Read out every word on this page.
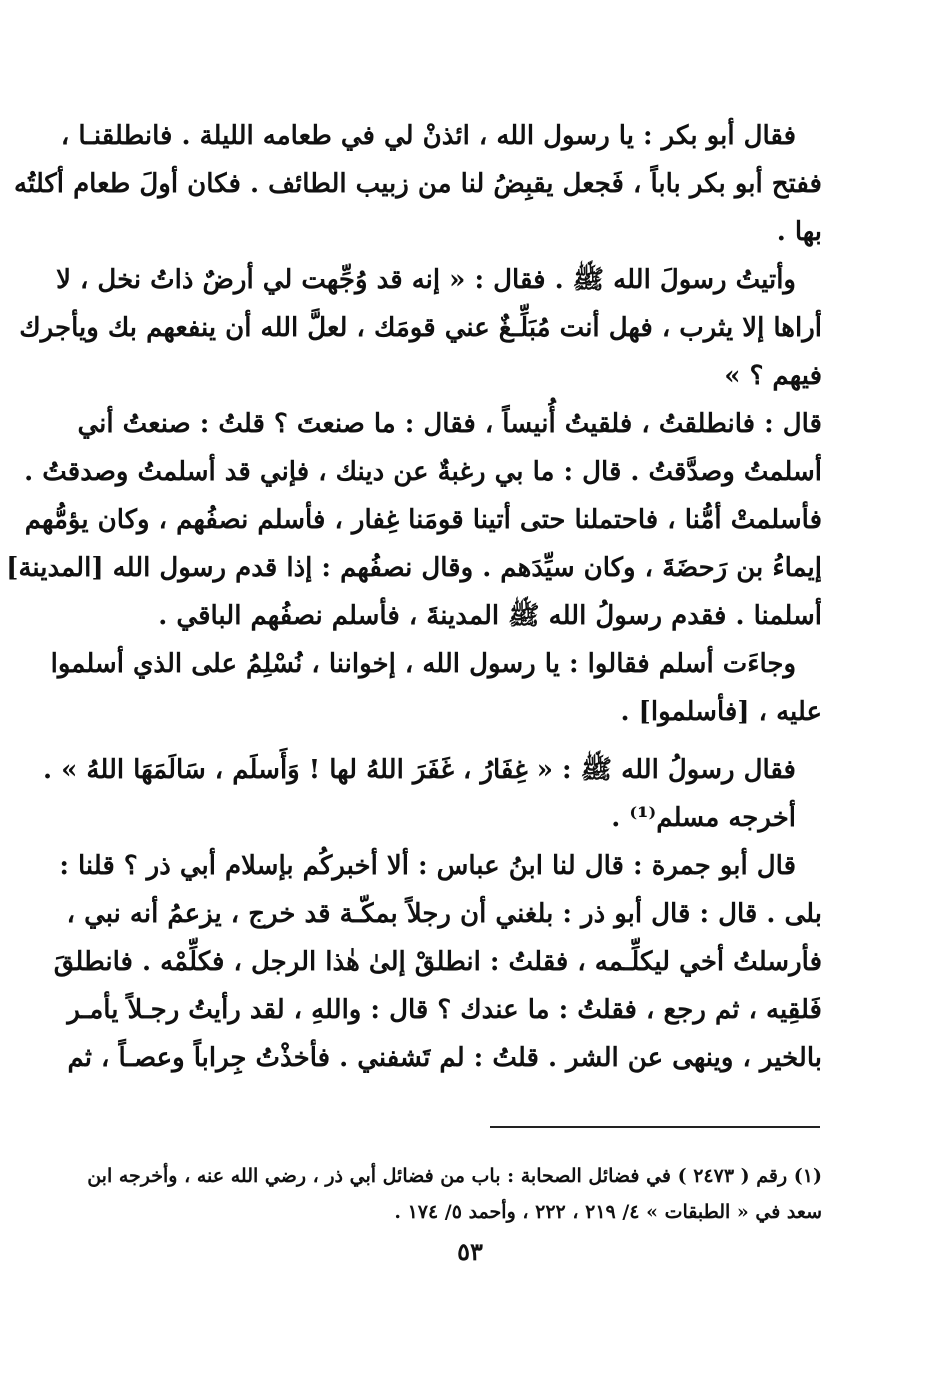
فقال أبو بكر : يا رسول الله ، ائذنْ لي في طعامه الليلة . فانطلقنـا ،
ففتح أبو بكر باباً ، فَجعل يقبِضُ لنا من زبيب الطائف . فكان أولَ طعام أكلتُه
بها .
وأتيتُ رسولَ الله ﷺ . فقال : « إنه قد وُجِّهت لي أرضٌ ذاتُ نخل ، لا
أراها إلا يثرب ، فهل أنت مُبَلِّـغٌ عني قومَك ، لعلَّ الله أن ينفعهم بك ويأجرك
فيهم ؟ »
قال : فانطلقتُ ، فلقيتُ أُنيساً ، فقال : ما صنعتَ ؟ قلتُ : صنعتُ أني
أسلمتُ وصدَّقتُ . قال : ما بي رغبةٌ عن دينك ، فإني قد أسلمتُ وصدقتُ .
فأسلمتْ أمُّنا ، فاحتملنا حتى أتينا قومَنا غِفار ، فأسلم نصفُهم ، وكان يؤمُّهم
إيماءُ بن رَحضَةَ ، وكان سيِّدَهم . وقال نصفُهم : إذا قدم رسول الله [المدينة]
أسلمنا . فقدم رسولُ الله ﷺ المدينةَ ، فأسلم نصفُهم الباقي .
وجاءَت أسلم فقالوا : يا رسول الله ، إخواننا ، نُسْلِمُ على الذي أسلموا
عليه ، [فأسلموا] .
فقال رسولُ الله ﷺ : « غِفَارُ ، غَفَرَ اللهُ لها ! وَأَسلَم ، سَالَمَهَا اللهُ » .
أخرجه مسلم⁽¹⁾ .
قال أبو جمرة : قال لنا ابنُ عباس : ألا أخبركُم بإسلام أبي ذر ؟ قلنا :
بلى . قال : قال أبو ذر : بلغني أن رجلاً بمكّـة قد خرج ، يزعمُ أنه نبي ،
فأرسلتُ أخي ليكلِّـمه ، فقلتُ : انطلقْ إلىٰ هٰذا الرجل ، فكلِّمْه . فانطلقَ
فَلقِيه ، ثم رجع ، فقلتُ : ما عندك ؟ قال : واللهِ ، لقد رأيتُ رجـلاً يأمـر
بالخير ، وينهى عن الشر . قلتُ : لم تَشفني . فأخذْتُ جِراباً وعصـاً ، ثم
(١) رقم ( ٢٤٧٣ ) في فضائل الصحابة : باب من فضائل أبي ذر ، رضي الله عنه ، وأخرجه ابن
سعد في « الطبقات » ٤/ ٢١٩ ، ٢٢٢ ، وأحمد ٥/ ١٧٤ .
٥٣
